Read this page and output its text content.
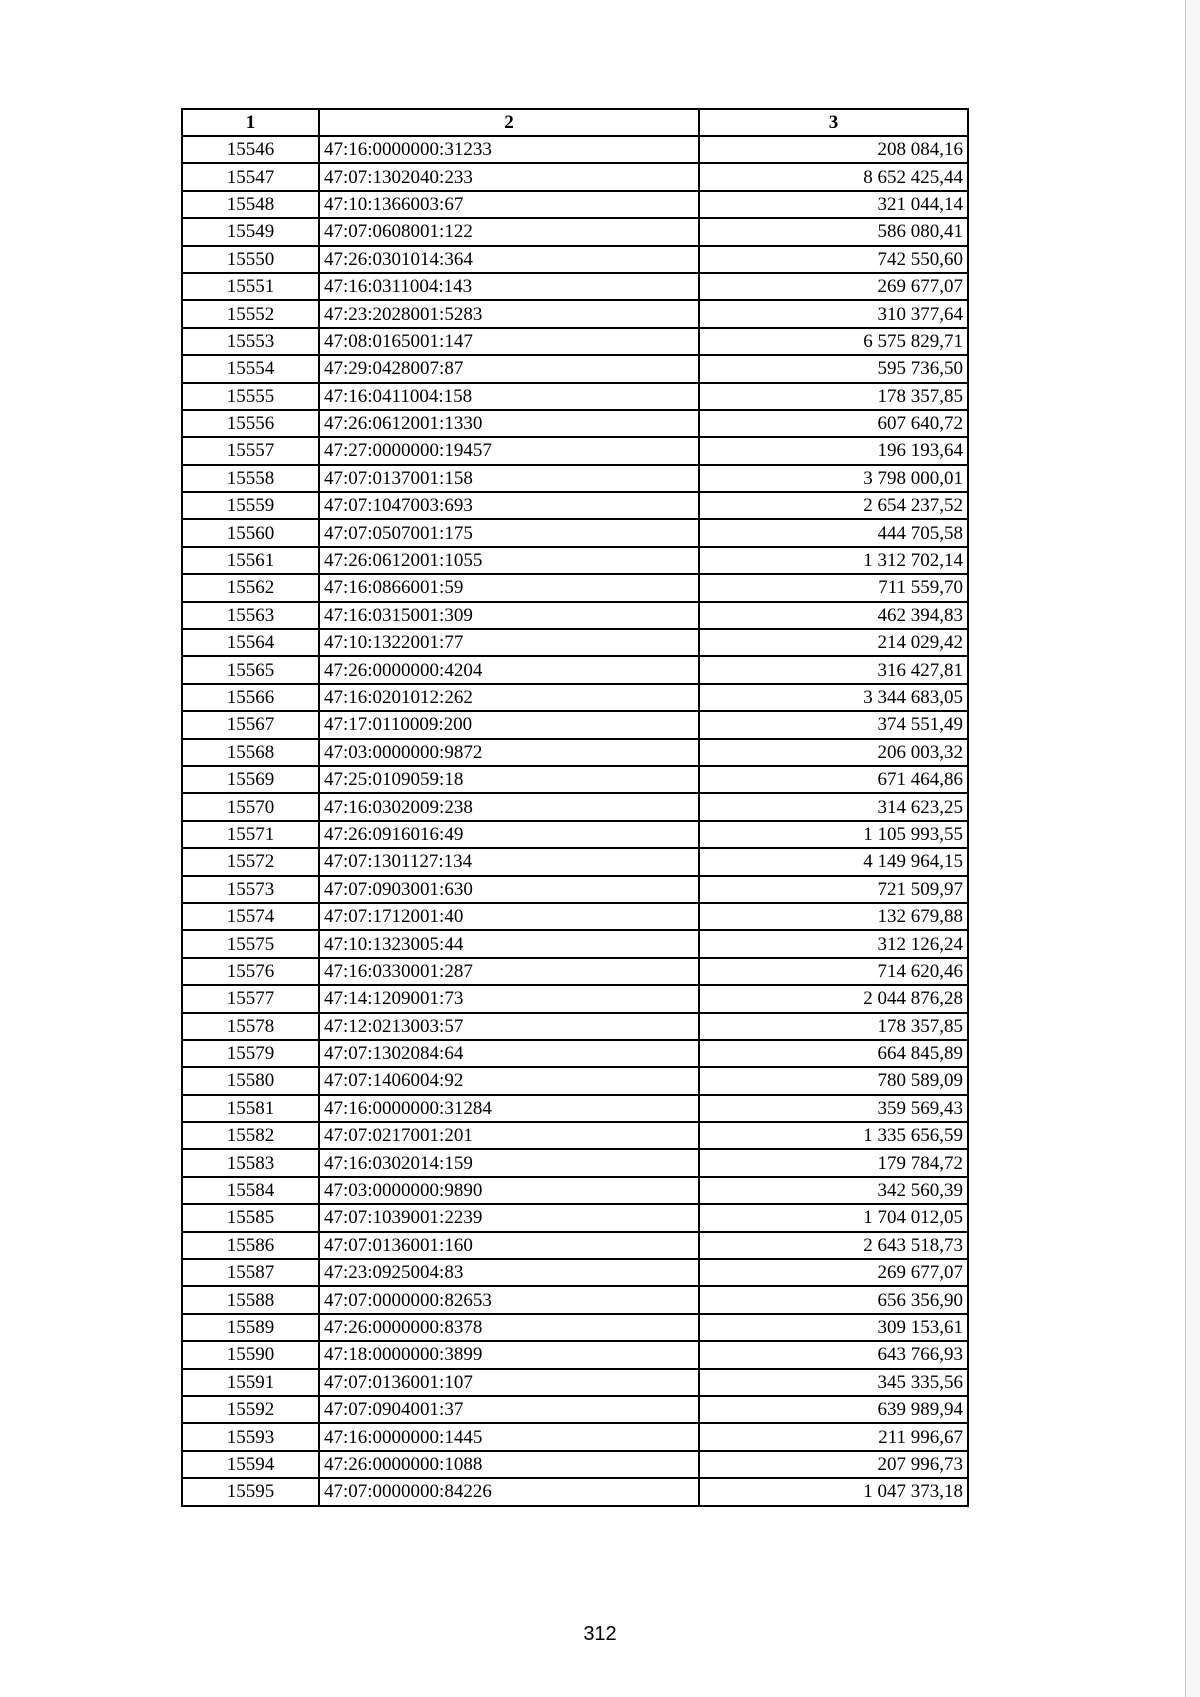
1	2	3
15546	47:16:0000000:31233	208 084,16
15547	47:07:1302040:233	8 652 425,44
15548	47:10:1366003:67	321 044,14
15549	47:07:0608001:122	586 080,41
15550	47:26:0301014:364	742 550,60
15551	47:16:0311004:143	269 677,07
15552	47:23:2028001:5283	310 377,64
15553	47:08:0165001:147	6 575 829,71
15554	47:29:0428007:87	595 736,50
15555	47:16:0411004:158	178 357,85
15556	47:26:0612001:1330	607 640,72
15557	47:27:0000000:19457	196 193,64
15558	47:07:0137001:158	3 798 000,01
15559	47:07:1047003:693	2 654 237,52
15560	47:07:0507001:175	444 705,58
15561	47:26:0612001:1055	1 312 702,14
15562	47:16:0866001:59	711 559,70
15563	47:16:0315001:309	462 394,83
15564	47:10:1322001:77	214 029,42
15565	47:26:0000000:4204	316 427,81
15566	47:16:0201012:262	3 344 683,05
15567	47:17:0110009:200	374 551,49
15568	47:03:0000000:9872	206 003,32
15569	47:25:0109059:18	671 464,86
15570	47:16:0302009:238	314 623,25
15571	47:26:0916016:49	1 105 993,55
15572	47:07:1301127:134	4 149 964,15
15573	47:07:0903001:630	721 509,97
15574	47:07:1712001:40	132 679,88
15575	47:10:1323005:44	312 126,24
15576	47:16:0330001:287	714 620,46
15577	47:14:1209001:73	2 044 876,28
15578	47:12:0213003:57	178 357,85
15579	47:07:1302084:64	664 845,89
15580	47:07:1406004:92	780 589,09
15581	47:16:0000000:31284	359 569,43
15582	47:07:0217001:201	1 335 656,59
15583	47:16:0302014:159	179 784,72
15584	47:03:0000000:9890	342 560,39
15585	47:07:1039001:2239	1 704 012,05
15586	47:07:0136001:160	2 643 518,73
15587	47:23:0925004:83	269 677,07
15588	47:07:0000000:82653	656 356,90
15589	47:26:0000000:8378	309 153,61
15590	47:18:0000000:3899	643 766,93
15591	47:07:0136001:107	345 335,56
15592	47:07:0904001:37	639 989,94
15593	47:16:0000000:1445	211 996,67
15594	47:26:0000000:1088	207 996,73
15595	47:07:0000000:84226	1 047 373,18
312
